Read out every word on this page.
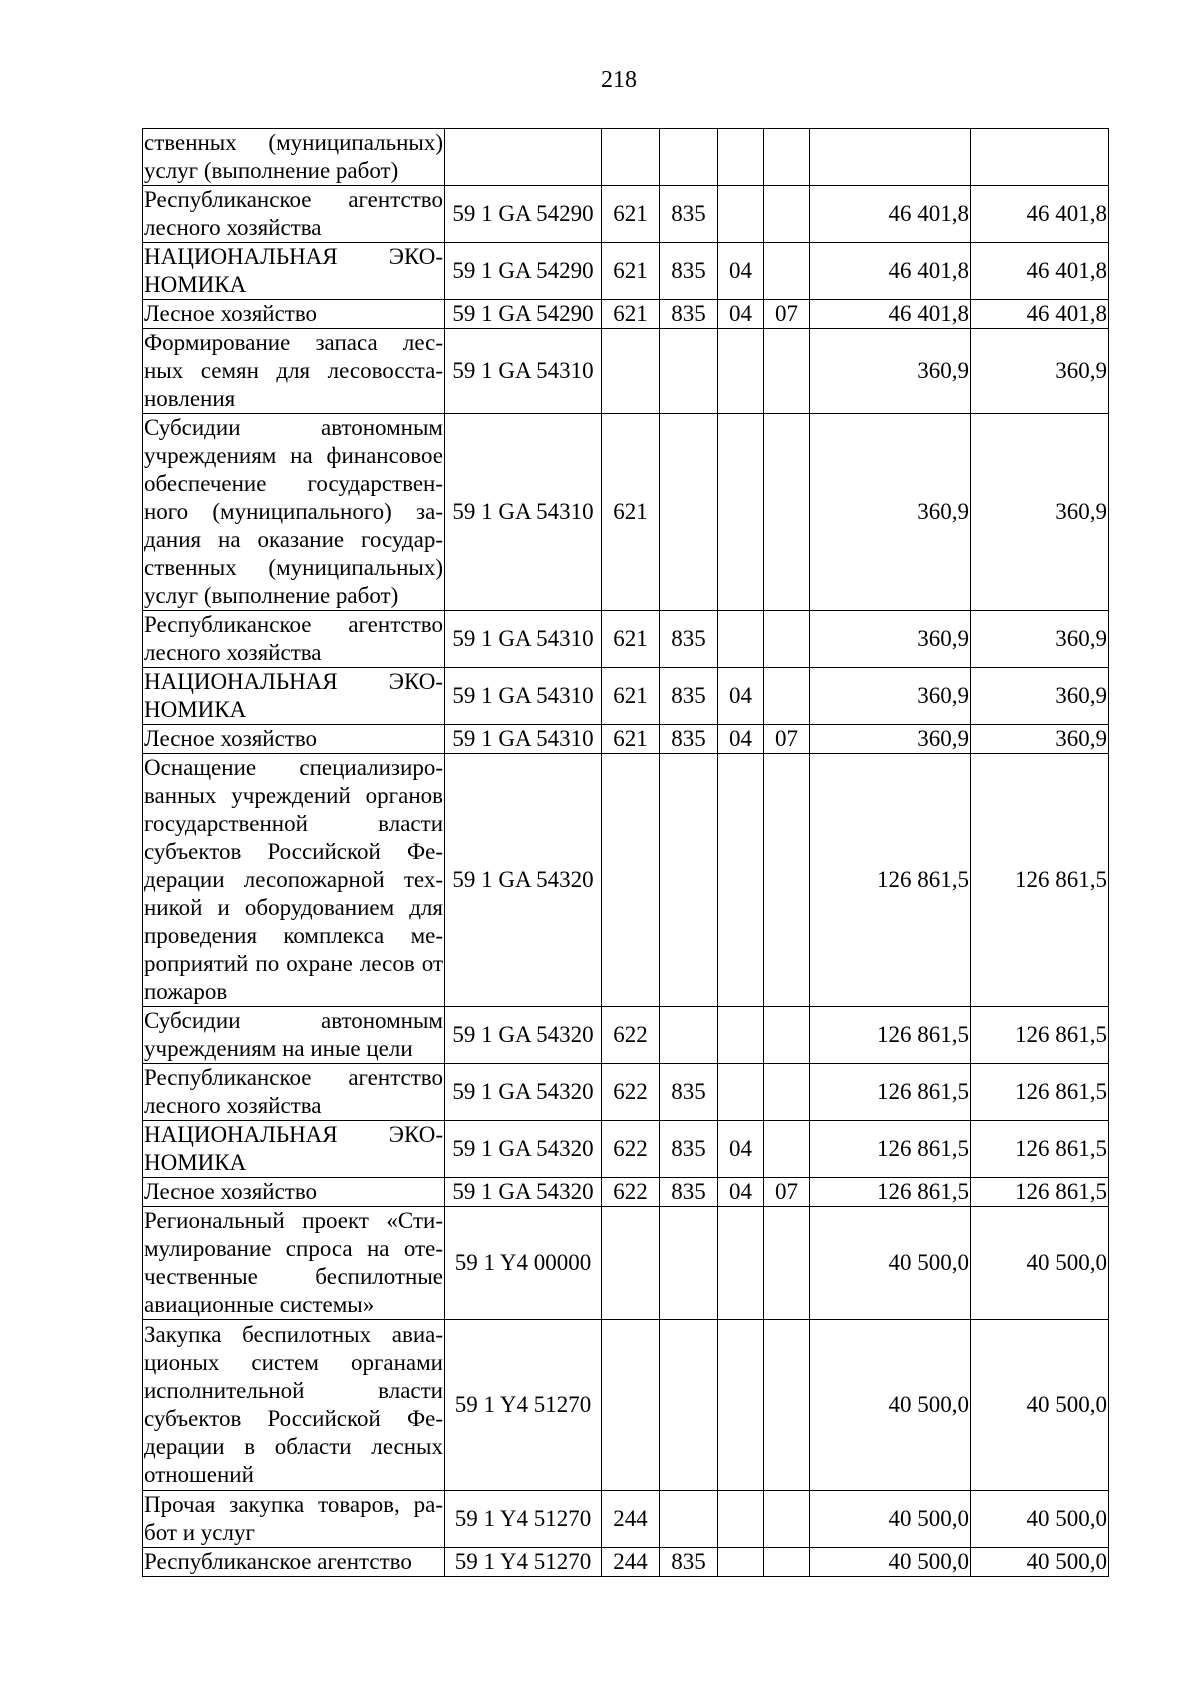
218
ственных (муниципальных) услуг (выполнение работ)							
Республиканское агентство лесного хозяйства	59 1 GA 54290	621	835			46 401,8	46 401,8
НАЦИОНАЛЬНАЯ ЭКО-НОМИКА	59 1 GA 54290	621	835	04		46 401,8	46 401,8
Лесное хозяйство	59 1 GA 54290	621	835	04	07	46 401,8	46 401,8
Формирование запаса лес-ных семян для лесовосста-новления	59 1 GA 54310					360,9	360,9
Субсидии автономным учреждениям на финансовое обеспечение государствен-ного (муниципального) за-дания на оказание государ-ственных (муниципальных) услуг (выполнение работ)	59 1 GA 54310	621				360,9	360,9
Республиканское агентство лесного хозяйства	59 1 GA 54310	621	835			360,9	360,9
НАЦИОНАЛЬНАЯ ЭКО-НОМИКА	59 1 GA 54310	621	835	04		360,9	360,9
Лесное хозяйство	59 1 GA 54310	621	835	04	07	360,9	360,9
Оснащение специализиро-ванных учреждений органов государственной власти субъектов Российской Фе-дерации лесопожарной тех-никой и оборудованием для проведения комплекса ме-роприятий по охране лесов от пожаров	59 1 GA 54320					126 861,5	126 861,5
Субсидии автономным учреждениям на иные цели	59 1 GA 54320	622				126 861,5	126 861,5
Республиканское агентство лесного хозяйства	59 1 GA 54320	622	835			126 861,5	126 861,5
НАЦИОНАЛЬНАЯ ЭКО-НОМИКА	59 1 GA 54320	622	835	04		126 861,5	126 861,5
Лесное хозяйство	59 1 GA 54320	622	835	04	07	126 861,5	126 861,5
Региональный проект «Сти-мулирование спроса на оте-чественные беспилотные авиационные системы»	59 1 Y4 00000					40 500,0	40 500,0
Закупка беспилотных авиа-ционых систем органами исполнительной власти субъектов Российской Фе-дерации в области лесных отношений	59 1 Y4 51270					40 500,0	40 500,0
Прочая закупка товаров, ра-бот и услуг	59 1 Y4 51270	244				40 500,0	40 500,0
Республиканское агентство	59 1 Y4 51270	244	835			40 500,0	40 500,0
